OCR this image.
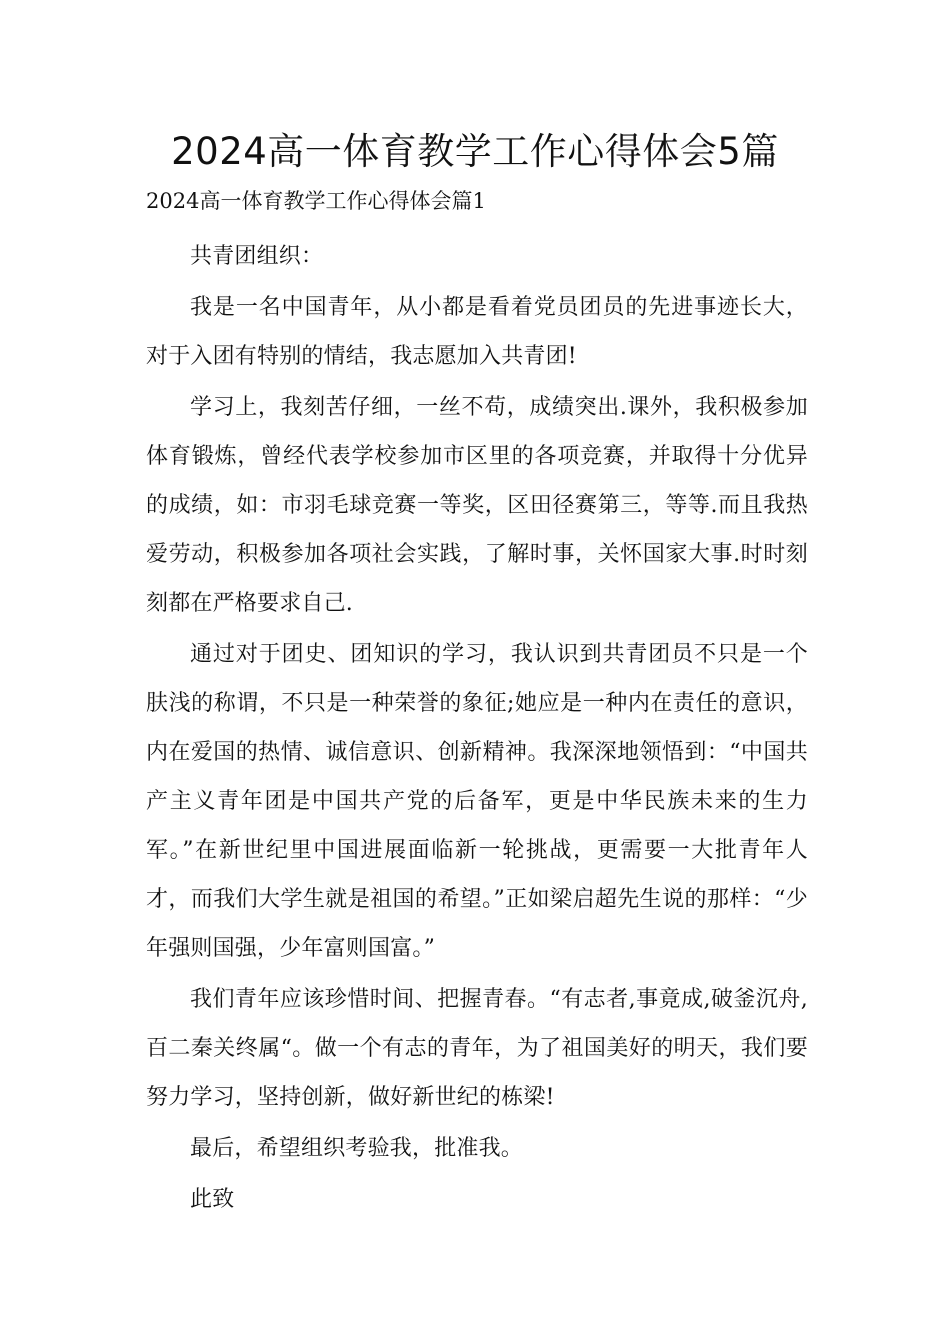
2024高一体育教学工作心得体会5篇

2024高一体育教学工作心得体会篇1

共青团组织：

我是一名中国青年，从小都是看着党员团员的先进事迹长大，对于入团有特别的情结，我志愿加入共青团!

学习上，我刻苦仔细，一丝不苟，成绩突出.课外，我积极参加体育锻炼，曾经代表学校参加市区里的各项竞赛，并取得十分优异的成绩，如：市羽毛球竞赛一等奖，区田径赛第三，等等.而且我热爱劳动，积极参加各项社会实践，了解时事，关怀国家大事.时时刻刻都在严格要求自己.

通过对于团史、团知识的学习，我认识到共青团员不只是一个肤浅的称谓，不只是一种荣誉的象征;她应是一种内在责任的意识，内在爱国的热情、诚信意识、创新精神。我深深地领悟到：“中国共产主义青年团是中国共产党的后备军，更是中华民族未来的生力军。”在新世纪里中国进展面临新一轮挑战，更需要一大批青年人才，而我们大学生就是祖国的希望。”正如梁启超先生说的那样：“少年强则国强，少年富则国富。”

我们青年应该珍惜时间、把握青春。“有志者,事竟成,破釜沉舟,百二秦关终属“。做一个有志的青年，为了祖国美好的明天，我们要努力学习，坚持创新，做好新世纪的栋梁!

最后，希望组织考验我，批准我。

此致
